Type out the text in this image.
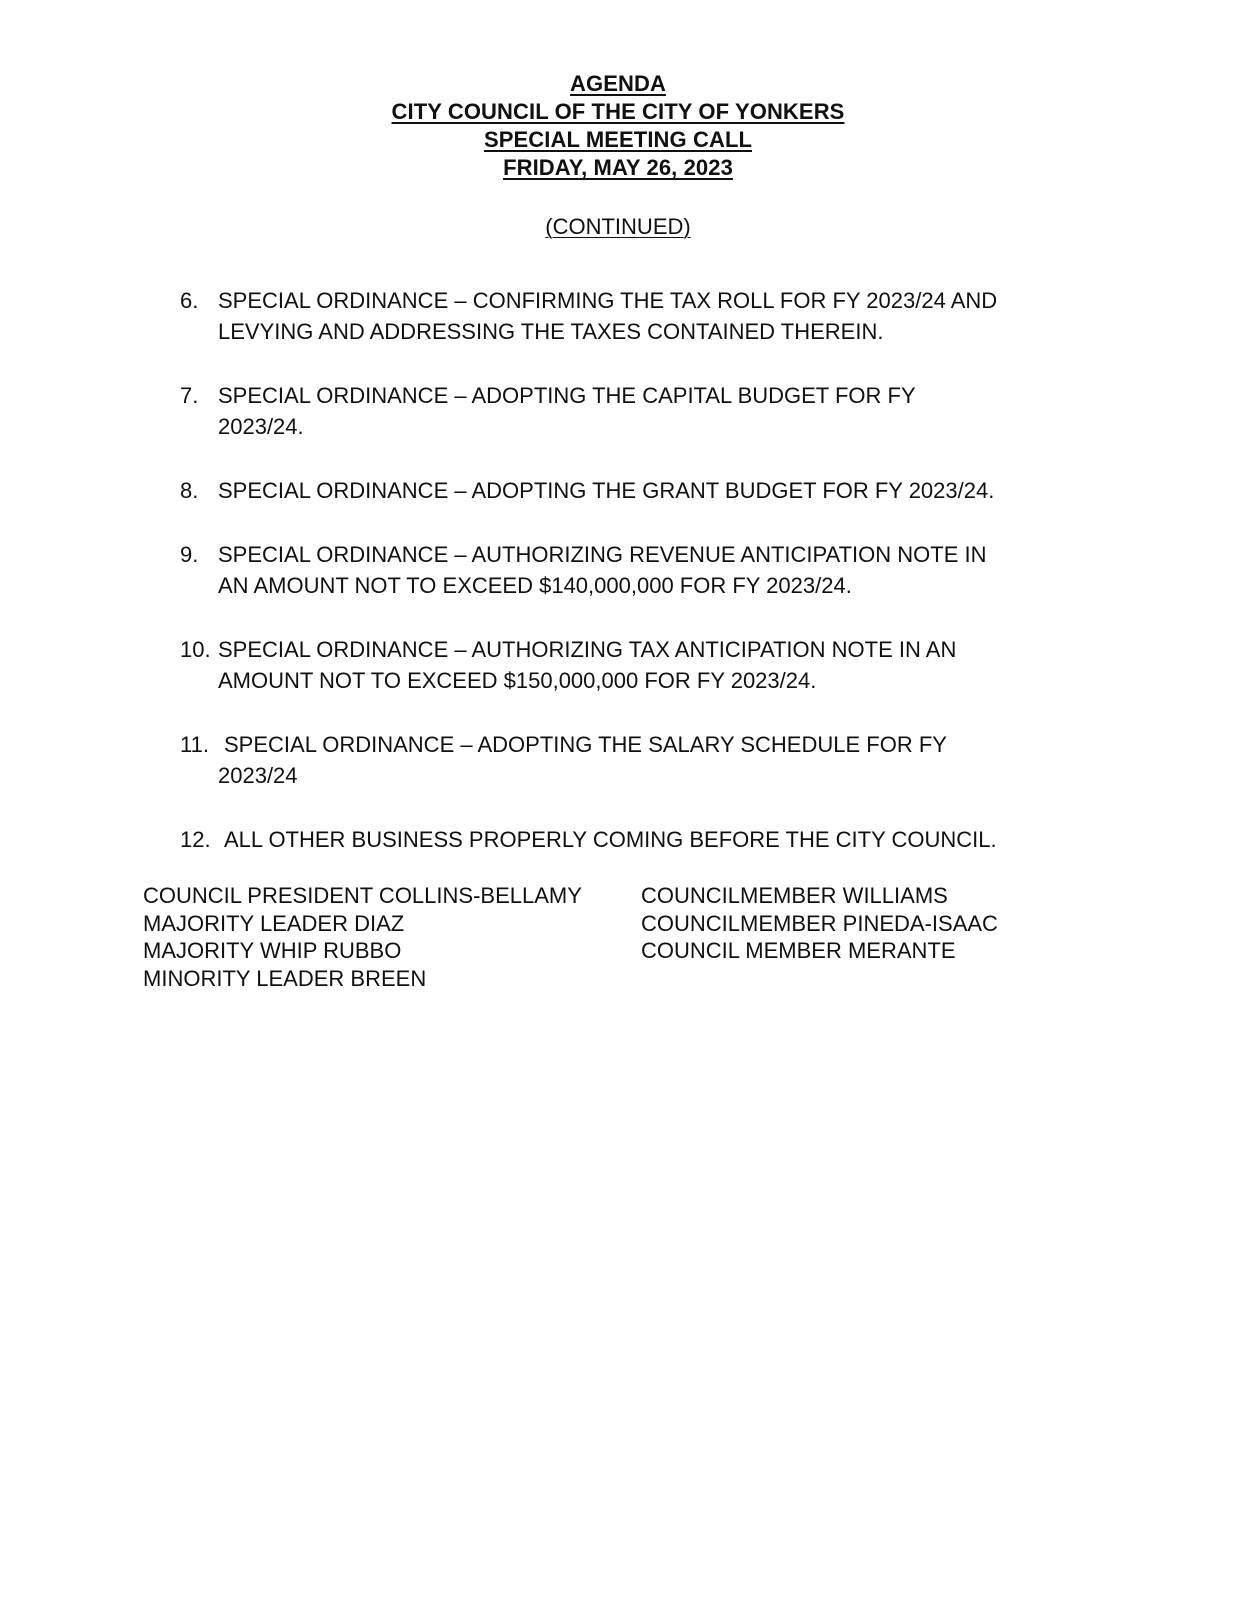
AGENDA
CITY COUNCIL OF THE CITY OF YONKERS
SPECIAL MEETING CALL
FRIDAY, MAY 26, 2023
(CONTINUED)
6. SPECIAL ORDINANCE – CONFIRMING THE TAX ROLL FOR FY 2023/24 AND
LEVYING AND ADDRESSING THE TAXES CONTAINED THEREIN.
7. SPECIAL ORDINANCE – ADOPTING THE CAPITAL BUDGET FOR FY
2023/24.
8. SPECIAL ORDINANCE – ADOPTING THE GRANT BUDGET FOR FY 2023/24.
9. SPECIAL ORDINANCE – AUTHORIZING REVENUE ANTICIPATION NOTE IN
AN AMOUNT NOT TO EXCEED $140,000,000 FOR FY 2023/24.
10. SPECIAL ORDINANCE – AUTHORIZING TAX ANTICIPATION NOTE IN AN
AMOUNT NOT TO EXCEED $150,000,000 FOR FY 2023/24.
11. SPECIAL ORDINANCE – ADOPTING THE SALARY SCHEDULE FOR FY
2023/24
12. ALL OTHER BUSINESS PROPERLY COMING BEFORE THE CITY COUNCIL.
COUNCIL PRESIDENT COLLINS-BELLAMY
MAJORITY LEADER DIAZ
MAJORITY WHIP RUBBO
MINORITY LEADER BREEN
COUNCILMEMBER WILLIAMS
COUNCILMEMBER PINEDA-ISAAC
COUNCIL MEMBER MERANTE
